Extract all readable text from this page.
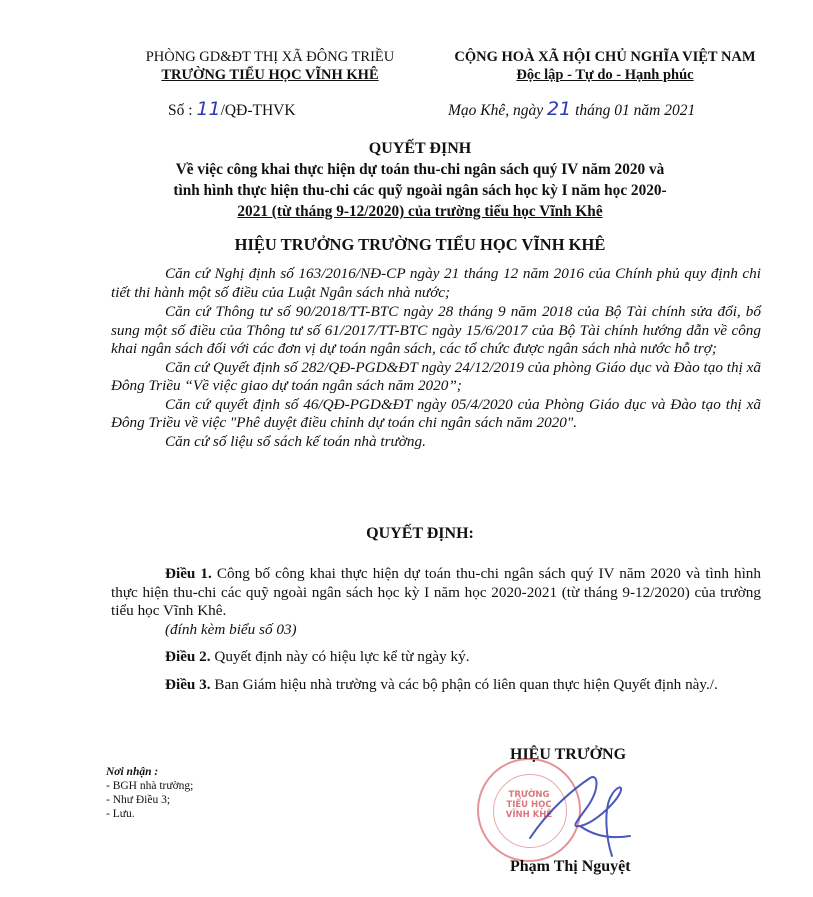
PHÒNG GD&ĐT THỊ XÃ ĐÔNG TRIỀU
TRƯỜNG TIỂU HỌC VĨNH KHÊ
CỘNG HOÀ XÃ HỘI CHỦ NGHĨA VIỆT NAM
Độc lập - Tự do - Hạnh phúc
Số : 11/QĐ-THVK	Mạo Khê, ngày 21 tháng 01 năm 2021
QUYẾT ĐỊNH
Về việc công khai thực hiện dự toán thu-chi ngân sách quý IV năm 2020 và
tình hình thực hiện thu-chi các quỹ ngoài ngân sách học kỳ I năm học 2020-
2021 (từ tháng 9-12/2020) của trường tiểu học Vĩnh Khê
HIỆU TRƯỞNG TRƯỜNG TIỂU HỌC VĨNH KHÊ

Căn cứ Nghị định số 163/2016/NĐ-CP ngày 21 tháng 12 năm 2016 của Chính phủ quy định chi tiết thi hành một số điều của Luật Ngân sách nhà nước;

Căn cứ Thông tư số 90/2018/TT-BTC ngày 28 tháng 9 năm 2018 của Bộ Tài chính sửa đổi, bổ sung một số điều của Thông tư số 61/2017/TT-BTC ngày 15/6/2017 của Bộ Tài chính hướng dẫn về công khai ngân sách đối với các đơn vị dự toán ngân sách, các tổ chức được ngân sách nhà nước hỗ trợ;

Căn cứ Quyết định số 282/QĐ-PGD&ĐT ngày 24/12/2019 của phòng Giáo dục và Đào tạo thị xã Đông Triều “Về việc giao dự toán ngân sách năm 2020”;

Căn cứ quyết định số 46/QĐ-PGD&ĐT ngày 05/4/2020 của Phòng Giáo dục và Đào tạo thị xã Đông Triều về việc "Phê duyệt điều chỉnh dự toán chi ngân sách năm 2020".

Căn cứ số liệu sổ sách kế toán nhà trường.

QUYẾT ĐỊNH:

Điều 1. Công bố công khai thực hiện dự toán thu-chi ngân sách quý IV năm 2020 và tình hình thực hiện thu-chi các quỹ ngoài ngân sách học kỳ I năm học 2020-2021 (từ tháng 9-12/2020) của trường tiểu học Vĩnh Khê.

(đính kèm biểu số 03)

Điều 2. Quyết định này có hiệu lực kể từ ngày ký.

Điều 3. Ban Giám hiệu nhà trường và các bộ phận có liên quan thực hiện Quyết định này./.

Nơi nhận :
- BGH nhà trường;
- Như Điều 3;
- Lưu.
HIỆU TRƯỞNG
TRƯỜNG
TIỂU HỌC
VĨNH KHÊ
Phạm Thị Nguyệt
